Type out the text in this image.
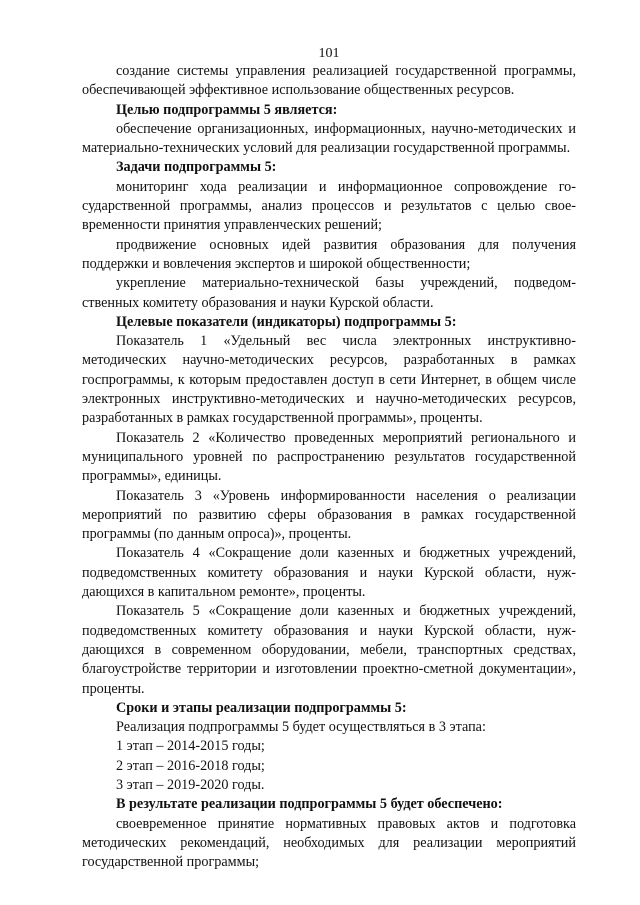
101

создание системы управления реализацией государственной программы, обеспечивающей эффективное использование общественных ресурсов.

Целью подпрограммы 5 является:

обеспечение организационных, информационных, научно-методических и материально-технических условий для реализации государственной программы.

Задачи подпрограммы 5:

мониторинг хода реализации и информационное сопровождение государственной программы, анализ процессов и результатов с целью своевременности принятия управленческих решений;

продвижение основных идей развития образования для получения поддержки и вовлечения экспертов и широкой общественности;

укрепление материально-технической базы учреждений, подведомственных комитету образования и науки Курской области.

Целевые показатели (индикаторы) подпрограммы 5:

Показатель 1 «Удельный вес числа электронных инструктивно-методических научно-методических ресурсов, разработанных в рамках госпрограммы, к которым предоставлен доступ в сети Интернет, в общем числе электронных инструктивно-методических и научно-методических ресурсов, разработанных в рамках государственной программы», проценты.

Показатель 2 «Количество проведенных мероприятий регионального и муниципального уровней по распространению результатов государственной программы», единицы.

Показатель 3 «Уровень информированности населения о реализации мероприятий по развитию сферы образования в рамках государственной программы (по данным опроса)», проценты.

Показатель 4 «Сокращение доли казенных и бюджетных учреждений, подведомственных комитету образования и науки Курской области, нуждающихся в капитальном ремонте», проценты.

Показатель 5 «Сокращение доли казенных и бюджетных учреждений, подведомственных комитету образования и науки Курской области, нуждающихся в современном оборудовании, мебели, транспортных средствах, благоустройстве территории и изготовлении проектно-сметной документации», проценты.

Сроки и этапы реализации подпрограммы 5:

Реализация подпрограммы 5 будет осуществляться в 3 этапа:

1 этап – 2014-2015 годы;

2 этап – 2016-2018 годы;

3 этап – 2019-2020 годы.

В результате реализации подпрограммы 5 будет обеспечено:

своевременное принятие нормативных правовых актов и подготовка методических рекомендаций, необходимых для реализации мероприятий государственной программы;
